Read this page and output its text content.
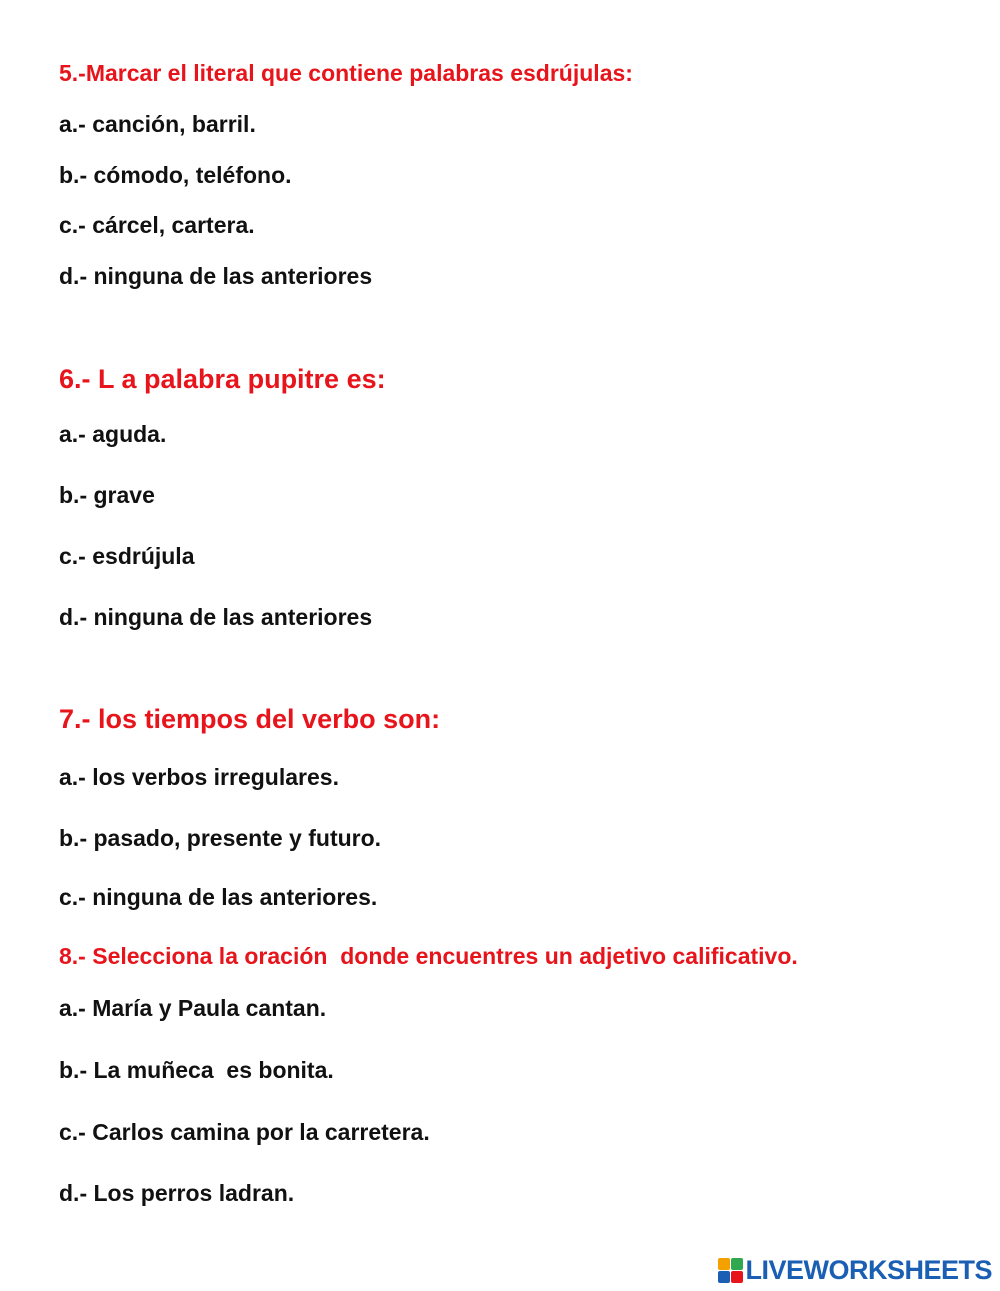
5.-Marcar el literal que contiene palabras esdrújulas:
a.- canción, barril.
b.- cómodo, teléfono.
c.- cárcel, cartera.
d.- ninguna de las anteriores
6.- L a palabra pupitre es:
a.- aguda.
b.- grave
c.- esdrújula
d.- ninguna de las anteriores
7.- los tiempos del verbo son:
a.- los verbos irregulares.
b.- pasado, presente y futuro.
c.- ninguna de las anteriores.
8.- Selecciona la oración  donde encuentres un adjetivo calificativo.
a.- María y Paula cantan.
b.- La muñeca  es bonita.
c.- Carlos camina por la carretera.
d.- Los perros ladran.
LIVEWORKSHEETS
